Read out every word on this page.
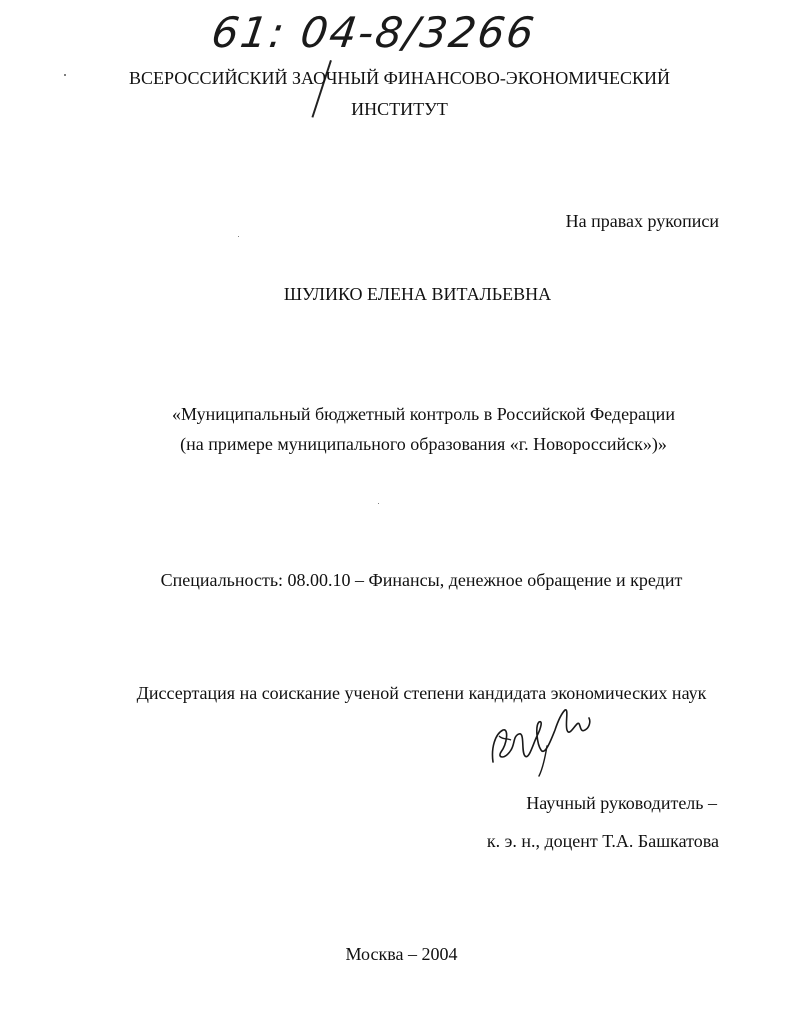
61: 04-8/3266
ВСЕРОССИЙСКИЙ ЗАОЧНЫЙ ФИНАНСОВО-ЭКОНОМИЧЕСКИЙ
ИНСТИТУТ
На правах рукописи
ШУЛИКО ЕЛЕНА ВИТАЛЬЕВНА
«Муниципальный бюджетный контроль в Российской Федерации
(на примере муниципального образования «г. Новороссийск»)»
Специальность: 08.00.10 – Финансы, денежное обращение и кредит
Диссертация на соискание ученой степени кандидата экономических наук
Научный руководитель –
к. э. н., доцент Т.А. Башкатова
Москва – 2004
